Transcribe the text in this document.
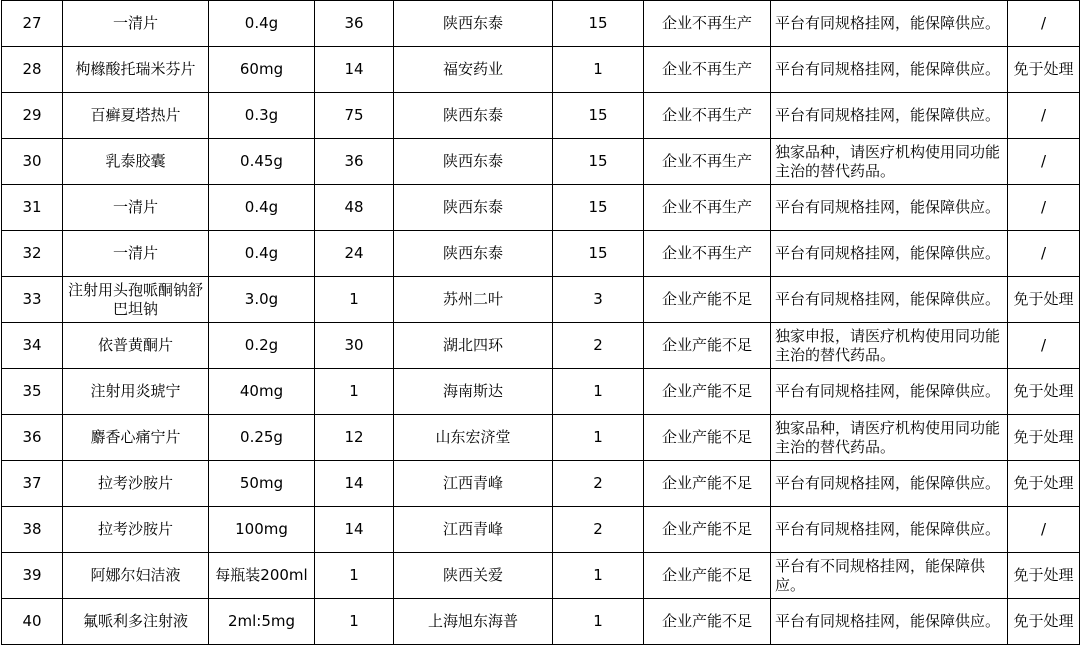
27	一清片	0.4g	36	陕西东泰	15	企业不再生产	平台有同规格挂网，能保障供应。	/
28	枸橼酸托瑞米芬片	60mg	14	福安药业	1	企业不再生产	平台有同规格挂网，能保障供应。	免于处理
29	百癣夏塔热片	0.3g	75	陕西东泰	15	企业不再生产	平台有同规格挂网，能保障供应。	/
30	乳泰胶囊	0.45g	36	陕西东泰	15	企业不再生产	独家品种，请医疗机构使用同功能主治的替代药品。	/
31	一清片	0.4g	48	陕西东泰	15	企业不再生产	平台有同规格挂网，能保障供应。	/
32	一清片	0.4g	24	陕西东泰	15	企业不再生产	平台有同规格挂网，能保障供应。	/
33	注射用头孢哌酮钠舒巴坦钠	3.0g	1	苏州二叶	3	企业产能不足	平台有同规格挂网，能保障供应。	免于处理
34	依普黄酮片	0.2g	30	湖北四环	2	企业产能不足	独家申报，请医疗机构使用同功能主治的替代药品。	/
35	注射用炎琥宁	40mg	1	海南斯达	1	企业产能不足	平台有同规格挂网，能保障供应。	免于处理
36	麝香心痛宁片	0.25g	12	山东宏济堂	1	企业产能不足	独家品种，请医疗机构使用同功能主治的替代药品。	免于处理
37	拉考沙胺片	50mg	14	江西青峰	2	企业产能不足	平台有同规格挂网，能保障供应。	免于处理
38	拉考沙胺片	100mg	14	江西青峰	2	企业产能不足	平台有同规格挂网，能保障供应。	/
39	阿娜尔妇洁液	每瓶装200ml	1	陕西关爱	1	企业产能不足	平台有不同规格挂网，能保障供应。	免于处理
40	氟哌利多注射液	2ml:5mg	1	上海旭东海普	1	企业产能不足	平台有同规格挂网，能保障供应。	免于处理
